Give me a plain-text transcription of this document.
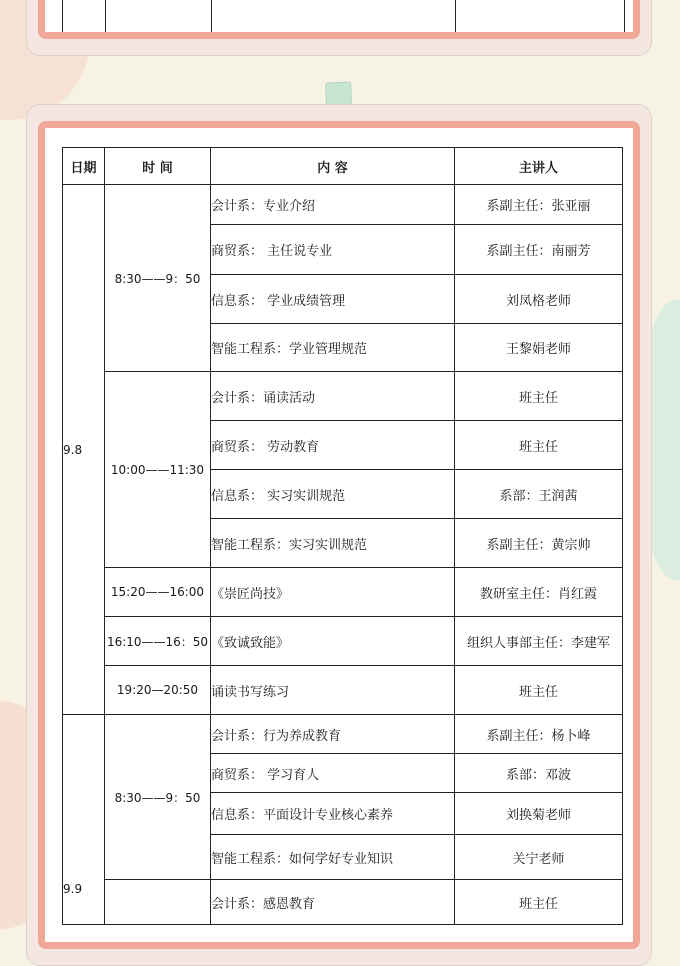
日期	时 间	内 容	主讲人
9.8	8:30——9：50	会计系：专业介绍	系副主任：张亚丽
		商贸系： 主任说专业	系副主任：南丽芳
		信息系： 学业成绩管理	刘凤格老师
		智能工程系：学业管理规范	王黎娟老师
	10:00——11:30	会计系：诵读活动	班主任
		商贸系： 劳动教育	班主任
		信息系： 实习实训规范	系部：王润茜
		智能工程系：实习实训规范	系副主任：黄宗帅
	15:20——16:00	《崇匠尚技》	教研室主任：肖红霞
	16:10——16：50	《致诚致能》	组织人事部主任：李建军
	19:20—20:50	诵读书写练习	班主任
9.9	8:30——9：50	会计系：行为养成教育	系副主任：杨卜峰
		商贸系： 学习育人	系部：邓波
		信息系：平面设计专业核心素养	刘换菊老师
		智能工程系：如何学好专业知识	关宁老师
		会计系：感恩教育	班主任
